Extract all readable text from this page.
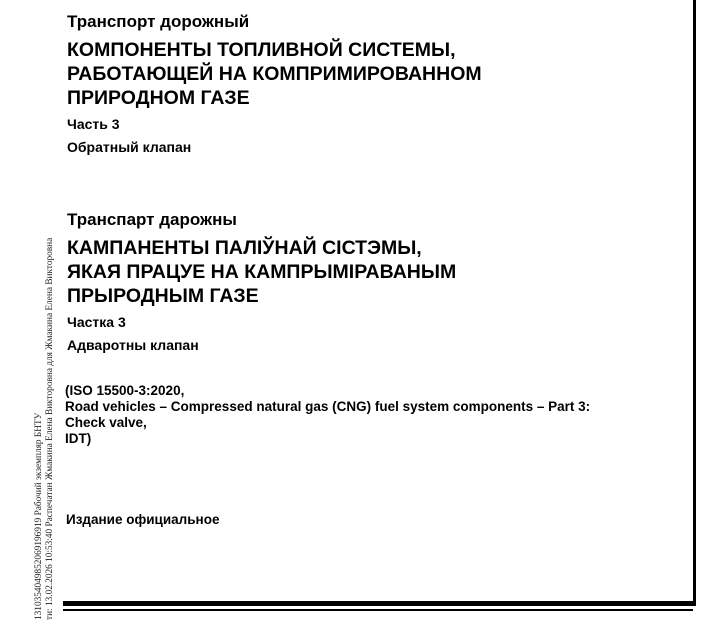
1310354049852069196919 Рабочий экземпляр БНТУ ти: 13.02.2026 10:53:40 Распечатан Жмакина Елена Викторовна для Жмакина Елена Викторовна
Транспорт дорожный
КОМПОНЕНТЫ ТОПЛИВНОЙ СИСТЕМЫ,
РАБОТАЮЩЕЙ НА КОМПРИМИРОВАННОМ
ПРИРОДНОМ ГАЗЕ
Часть 3
Обратный клапан
Транспарт дарожны
КАМПАНЕНТЫ ПАЛІЎНАЙ СІСТЭМЫ,
ЯКАЯ ПРАЦУЕ НА КАМПРЫМІРАВАНЫМ
ПРЫРОДНЫМ ГАЗЕ
Частка 3
Адваротны клапан
(ISO 15500-3:2020,
Road vehicles – Compressed natural gas (CNG) fuel system components – Part 3:
Check valve,
IDT)
Издание официальное
